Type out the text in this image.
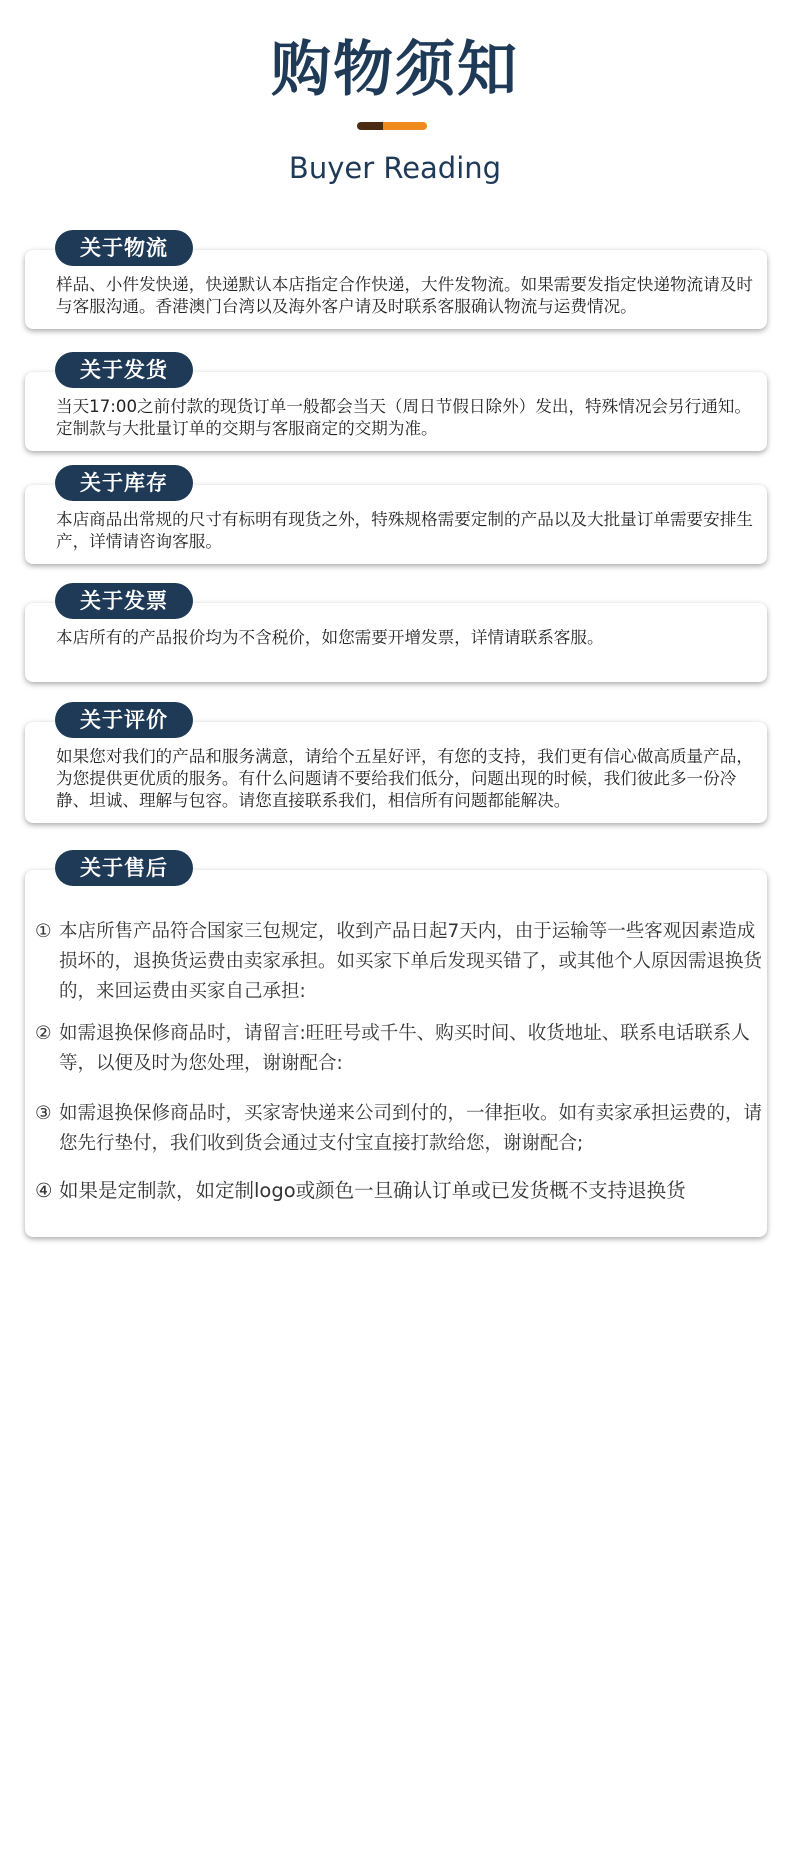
购物须知
Buyer Reading
关于物流
样品、小件发快递，快递默认本店指定合作快递，大件发物流。如果需要发指定快递物流请及时与客服沟通。香港澳门台湾以及海外客户请及时联系客服确认物流与运费情况。
关于发货
当天17:00之前付款的现货订单一般都会当天（周日节假日除外）发出，特殊情况会另行通知。定制款与大批量订单的交期与客服商定的交期为准。
关于库存
本店商品出常规的尺寸有标明有现货之外，特殊规格需要定制的产品以及大批量订单需要安排生产，详情请咨询客服。
关于发票
本店所有的产品报价均为不含税价，如您需要开增发票，详情请联系客服。
关于评价
如果您对我们的产品和服务满意，请给个五星好评，有您的支持，我们更有信心做高质量产品，为您提供更优质的服务。有什么问题请不要给我们低分，问题出现的时候，我们彼此多一份冷静、坦诚、理解与包容。请您直接联系我们，相信所有问题都能解决。
关于售后
① 本店所售产品符合国家三包规定，收到产品日起7天内，由于运输等一些客观因素造成损坏的，退换货运费由卖家承担。如买家下单后发现买错了，或其他个人原因需退换货的，来回运费由买家自己承担:
② 如需退换保修商品时，请留言:旺旺号或千牛、购买时间、收货地址、联系电话联系人等，以便及时为您处理，谢谢配合:
③ 如需退换保修商品时，买家寄快递来公司到付的，一律拒收。如有卖家承担运费的，请您先行垫付，我们收到货会通过支付宝直接打款给您，谢谢配合;
④ 如果是定制款，如定制logo或颜色一旦确认订单或已发货概不支持退换货
